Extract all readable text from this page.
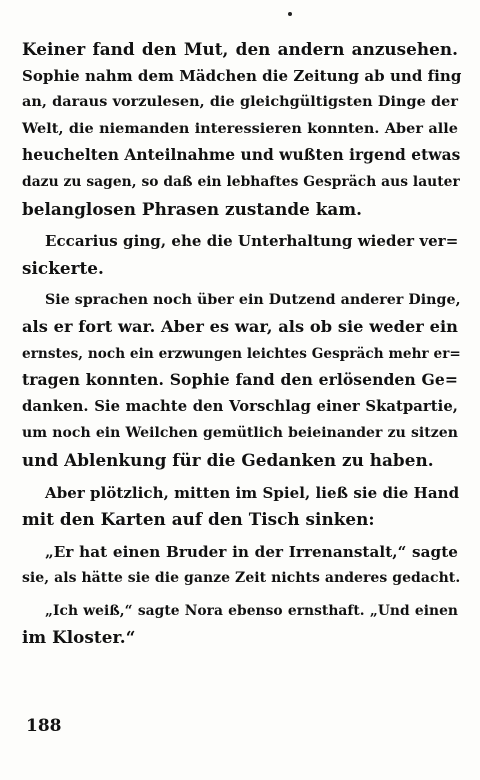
Keiner fand den Mut, den andern anzusehen.
Sophie nahm dem Mädchen die Zeitung ab und fing
an, daraus vorzulesen, die gleichgültigsten Dinge der
Welt, die niemanden interessieren konnten. Aber alle
heuchelten Anteilnahme und wußten irgend etwas
dazu zu sagen, so daß ein lebhaftes Gespräch aus lauter
belanglosen Phrasen zustande kam.
Eccarius ging, ehe die Unterhaltung wieder ver=
sickerte.
Sie sprachen noch über ein Dutzend anderer Dinge,
als er fort war. Aber es war, als ob sie weder ein
ernstes, noch ein erzwungen leichtes Gespräch mehr er=
tragen konnten. Sophie fand den erlösenden Ge=
danken. Sie machte den Vorschlag einer Skatpartie,
um noch ein Weilchen gemütlich beieinander zu sitzen
und Ablenkung für die Gedanken zu haben.
Aber plötzlich, mitten im Spiel, ließ sie die Hand
mit den Karten auf den Tisch sinken:
„Er hat einen Bruder in der Irrenanstalt,“ sagte
sie, als hätte sie die ganze Zeit nichts anderes gedacht.
„Ich weiß,“ sagte Nora ebenso ernsthaft. „Und einen
im Kloster.“
188
